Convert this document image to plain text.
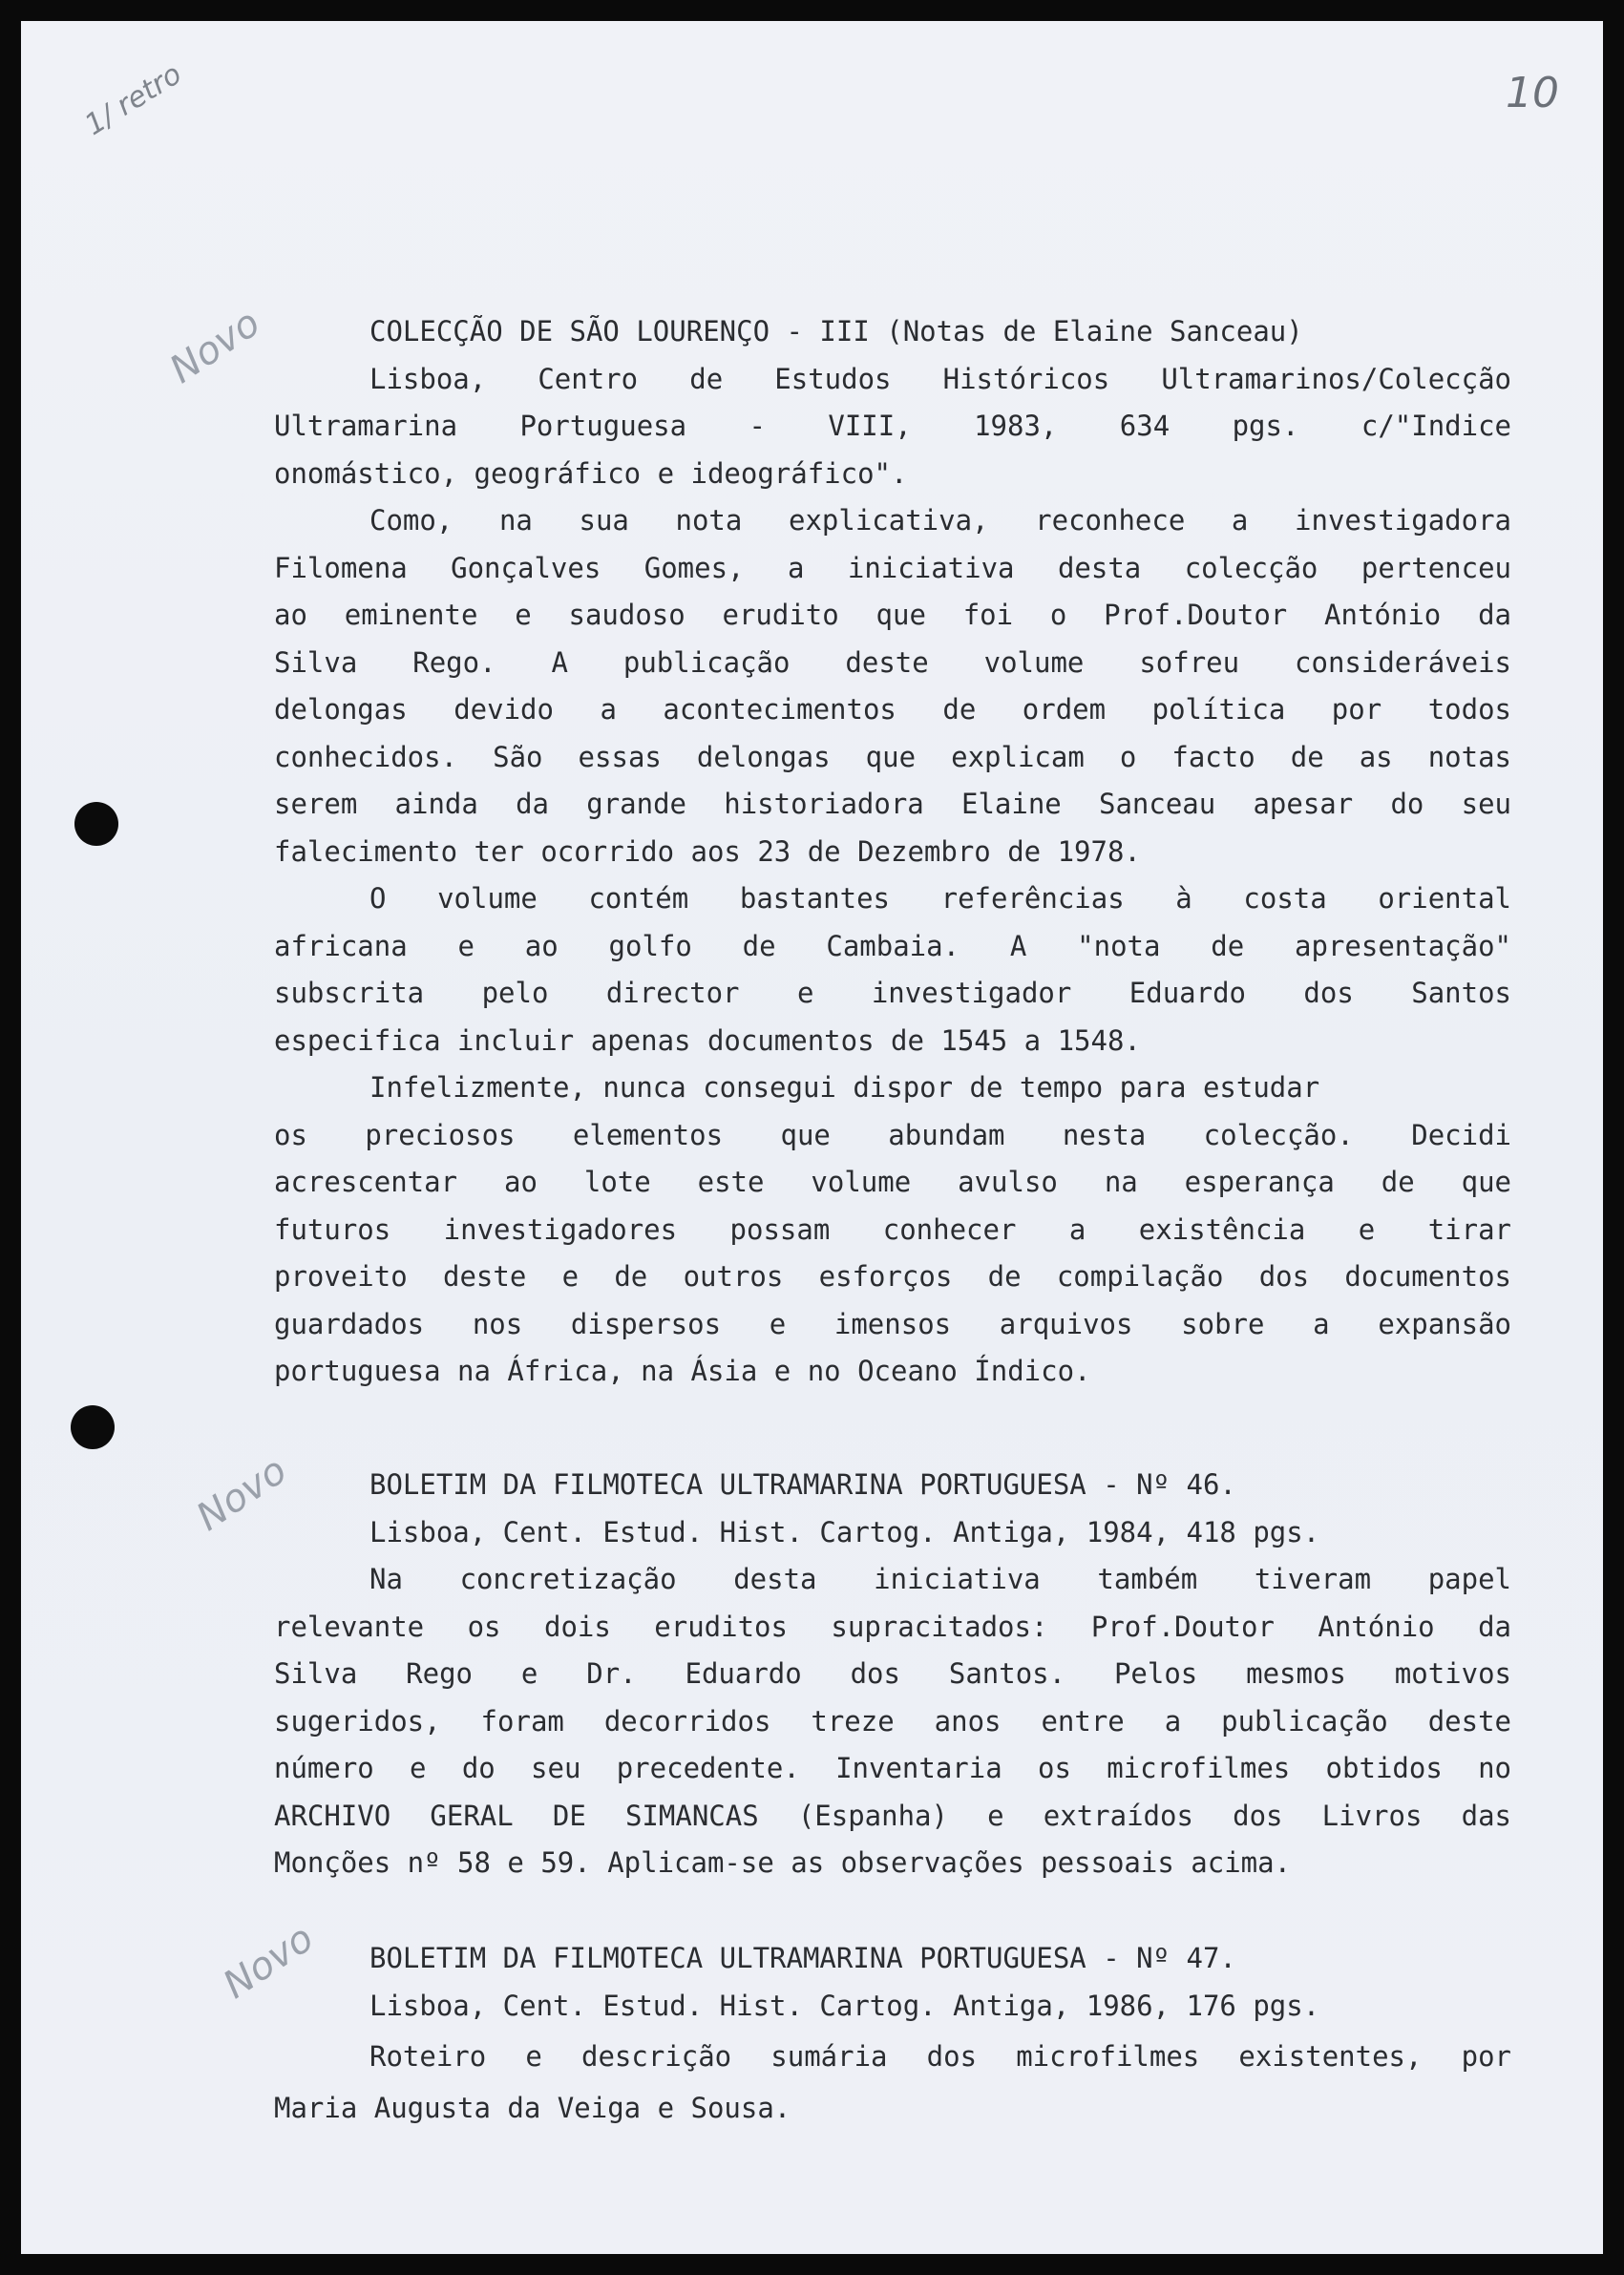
10
1/ retro
Novo
Novo
Novo
COLECÇÃO DE SÃO LOURENÇO - III (Notas de Elaine Sanceau)
Lisboa, Centro de Estudos Históricos Ultramarinos/Colecção
Ultramarina Portuguesa - VIII, 1983, 634 pgs. c/"Indice
onomástico, geográfico e ideográfico".
Como, na sua nota explicativa, reconhece a investigadora
Filomena Gonçalves Gomes, a iniciativa desta colecção pertenceu
ao eminente e saudoso erudito que foi o Prof.Doutor António da
Silva Rego. A publicação deste volume sofreu consideráveis
delongas devido a acontecimentos de ordem política por todos
conhecidos. São essas delongas que explicam o facto de as notas
serem ainda da grande historiadora Elaine Sanceau apesar do seu
falecimento ter ocorrido aos 23 de Dezembro de 1978.
O volume contém bastantes referências à costa oriental
africana e ao golfo de Cambaia. A "nota de apresentação"
subscrita pelo director e investigador Eduardo dos Santos
especifica incluir apenas documentos de 1545 a 1548.
Infelizmente, nunca consegui dispor de tempo para estudar
os preciosos elementos que abundam nesta colecção. Decidi
acrescentar ao lote este volume avulso na esperança de que
futuros investigadores possam conhecer a existência e tirar
proveito deste e de outros esforços de compilação dos documentos
guardados nos dispersos e imensos arquivos sobre a expansão
portuguesa na África, na Ásia e no Oceano Índico.
BOLETIM DA FILMOTECA ULTRAMARINA PORTUGUESA - Nº 46.
Lisboa, Cent. Estud. Hist. Cartog. Antiga, 1984, 418 pgs.
Na concretização desta iniciativa também tiveram papel
relevante os dois eruditos supracitados: Prof.Doutor António da
Silva Rego e Dr. Eduardo dos Santos. Pelos mesmos motivos
sugeridos, foram decorridos treze anos entre a publicação deste
número e do seu precedente. Inventaria os microfilmes obtidos no
ARCHIVO GERAL DE SIMANCAS (Espanha) e extraídos dos Livros das
Monções nº 58 e 59. Aplicam-se as observações pessoais acima.
BOLETIM DA FILMOTECA ULTRAMARINA PORTUGUESA - Nº 47.
Lisboa, Cent. Estud. Hist. Cartog. Antiga, 1986, 176 pgs.
Roteiro e descrição sumária dos microfilmes existentes, por
Maria Augusta da Veiga e Sousa.
